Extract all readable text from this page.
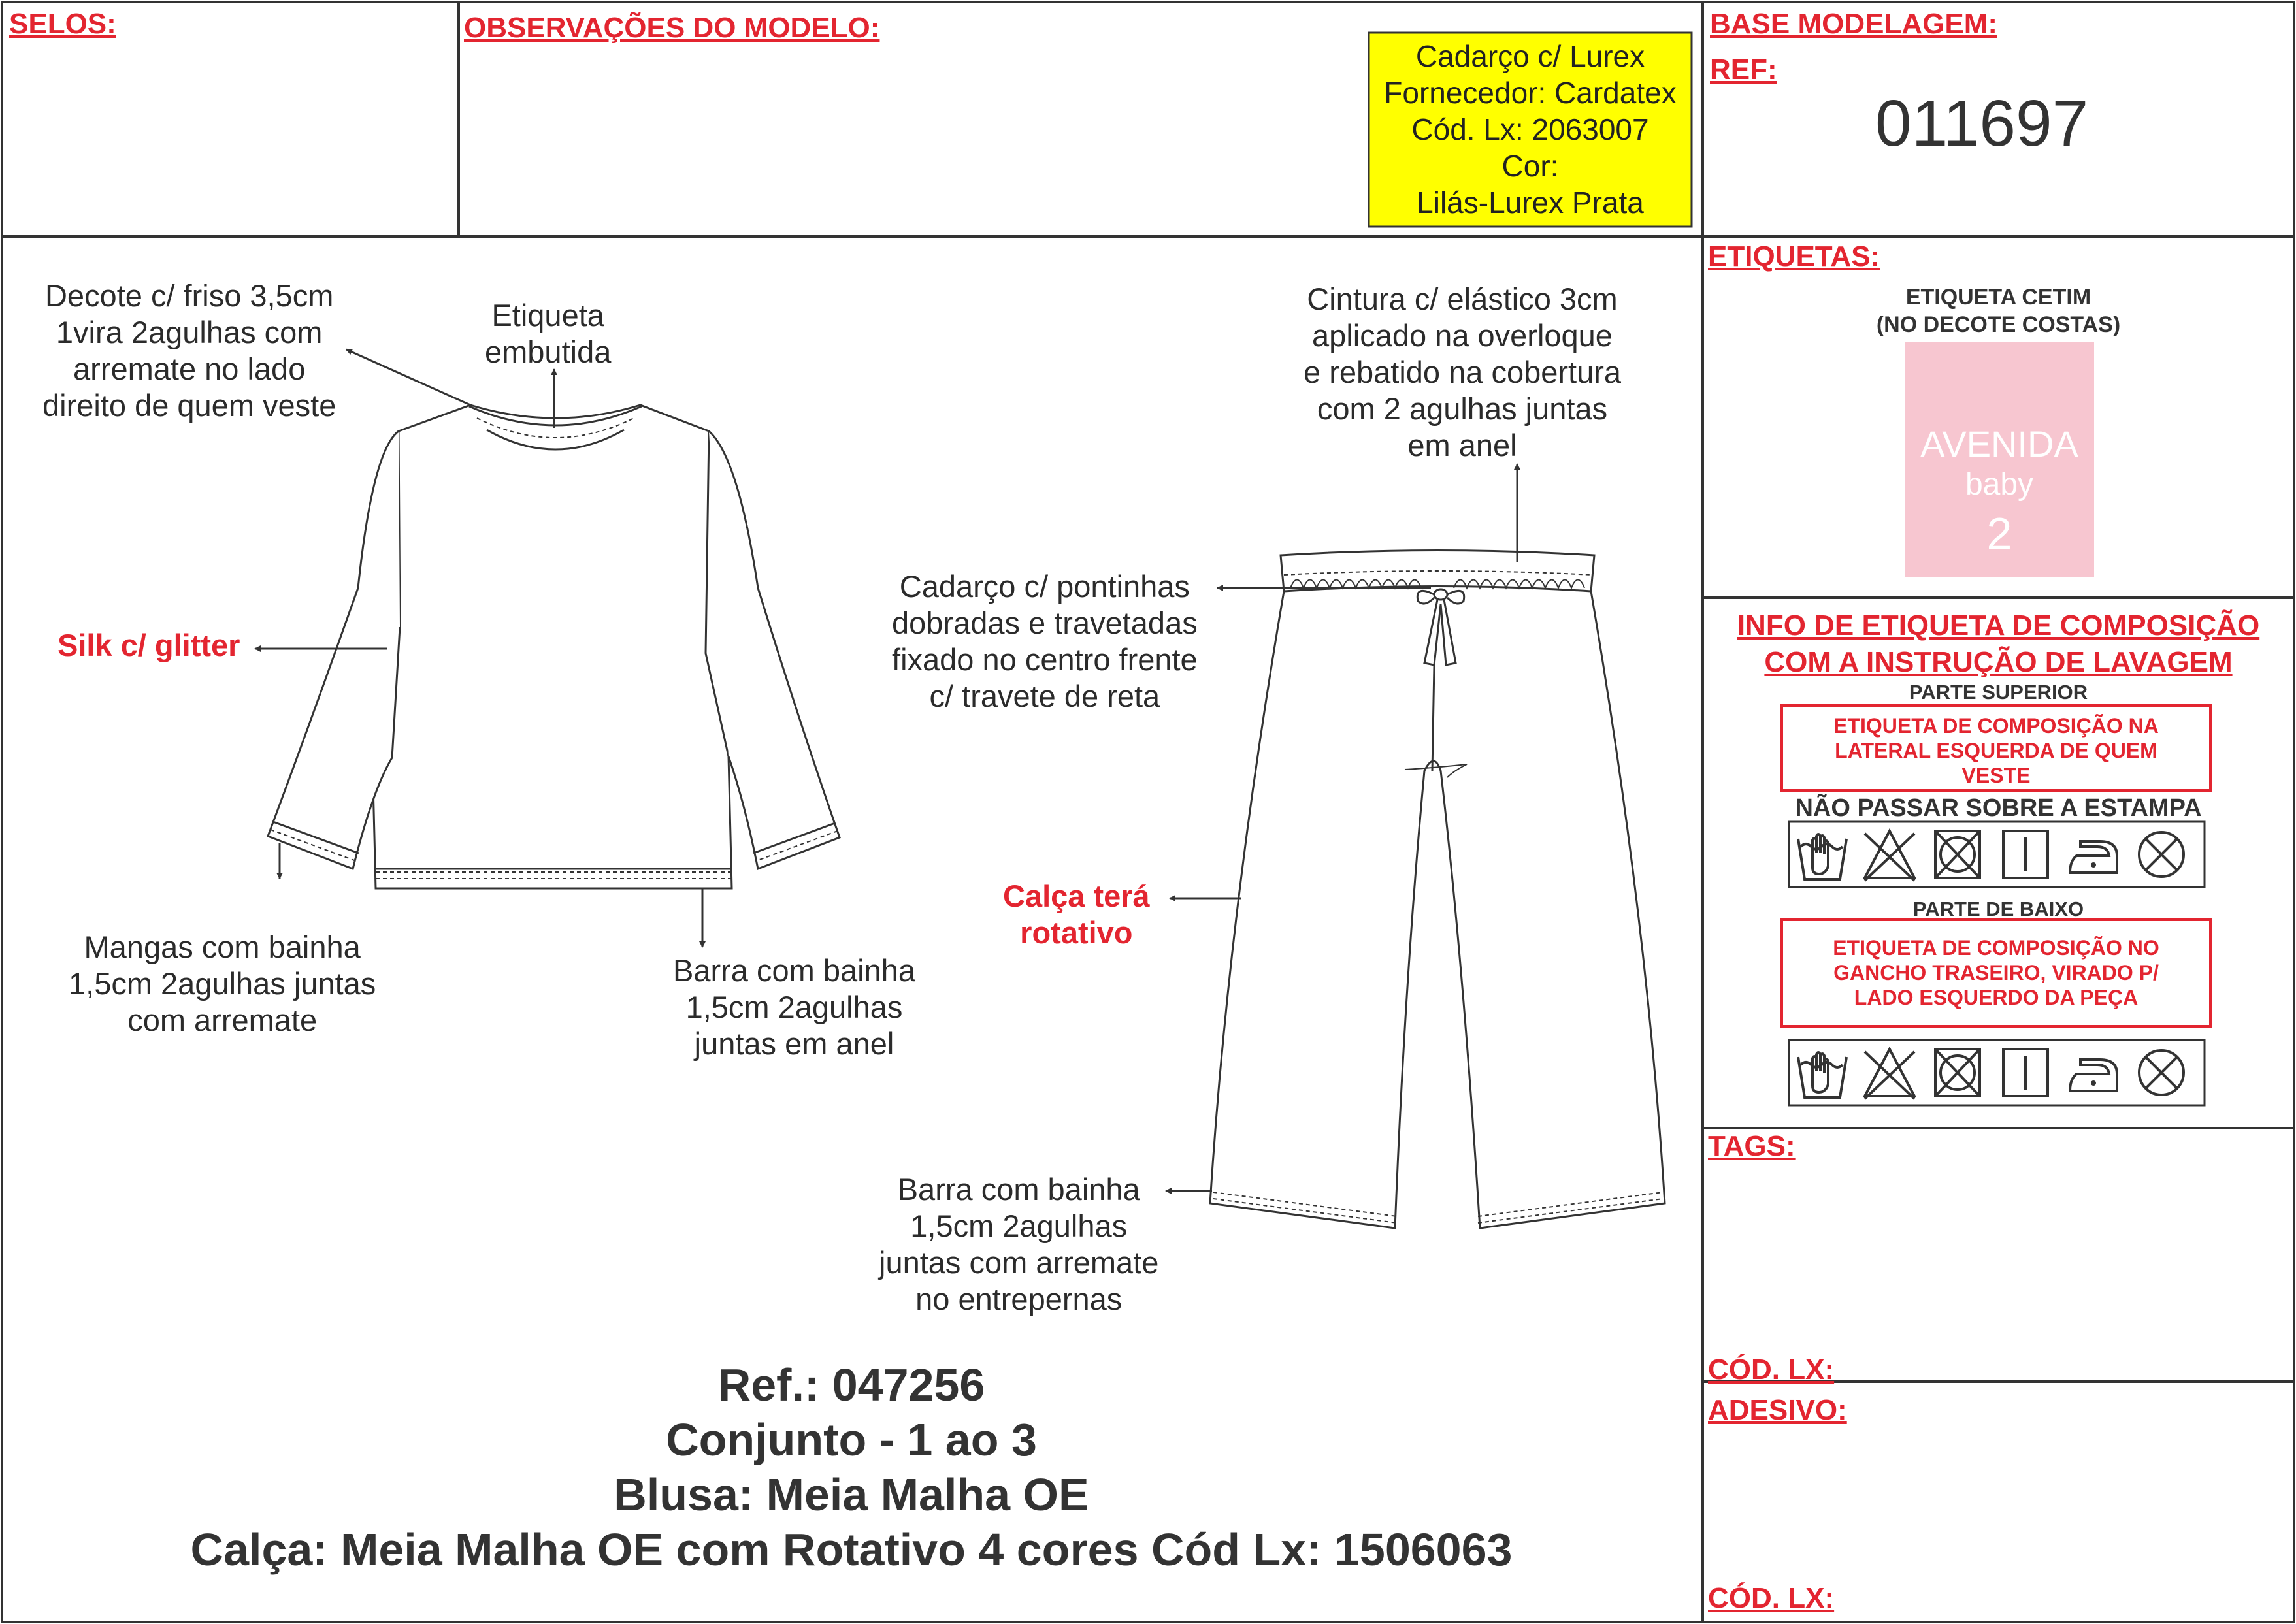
SELOS:	OBSERVAÇÕES DO MODELO:
Cadarço c/ Lurex
Fornecedor: Cardatex
Cód. Lx: 2063007
Cor:
Lilás-Lurex Prata
BASE MODELAGEM:
REF:
011697
Decote c/ friso 3,5cm
1vira 2agulhas com
arremate no lado
direito de quem veste
Etiqueta
embutida
Silk c/ glitter
Mangas com bainha
1,5cm 2agulhas juntas
com arremate
Barra com bainha
1,5cm 2agulhas
juntas em anel
Cintura c/ elástico 3cm
aplicado na overloque
e rebatido na cobertura
com 2 agulhas juntas
em anel
Cadarço c/ pontinhas
dobradas e travetadas
fixado no centro frente
c/ travete de reta
Calça terá
rotativo
Barra com bainha
1,5cm 2agulhas
juntas com arremate
no entrepernas
Ref.: 047256
Conjunto - 1 ao 3
Blusa: Meia Malha OE
Calça: Meia Malha OE com Rotativo 4 cores Cód Lx: 1506063
ETIQUETAS:
ETIQUETA CETIM
(NO DECOTE COSTAS)
AVENIDA
baby
2
INFO DE ETIQUETA DE COMPOSIÇÃO
COM A INSTRUÇÃO DE LAVAGEM
PARTE SUPERIOR
ETIQUETA DE COMPOSIÇÃO NA
LATERAL ESQUERDA DE QUEM
VESTE
NÃO PASSAR SOBRE A ESTAMPA
PARTE DE BAIXO
ETIQUETA DE COMPOSIÇÃO NO
GANCHO TRASEIRO, VIRADO P/
LADO ESQUERDO DA PEÇA
TAGS:
CÓD. LX:
ADESIVO:
CÓD. LX:
